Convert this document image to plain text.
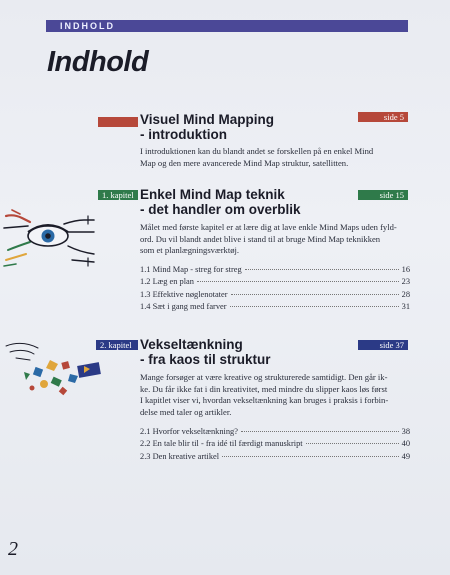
INDHOLD
Indhold
side 5
Visuel Mind Mapping
- introduktion
I introduktionen kan du blandt andet se forskellen på en enkel Mind
Map og den mere avancerede Mind Map struktur, satellitten.
1. kapitel	side 15
Enkel Mind Map teknik
- det handler om overblik
Målet med første kapitel er at lære dig at lave enkle Mind Maps uden fyld-
ord. Du vil blandt andet blive i stand til at bruge Mind Map teknikken
som et planlægningsværktøj.
1.1 Mind Map - streg for streg	16
1.2 Læg en plan	23
1.3 Effektive nøglenotater	28
1.4 Sæt i gang med farver	31
2. kapitel	side 37
Vekseltænkning
- fra kaos til struktur
Mange forsøger at være kreative og strukturerede samtidigt. Den går ik-
ke. Du får ikke fat i din kreativitet, med mindre du slipper kaos løs først
I kapitlet viser vi, hvordan vekseltænkning kan bruges i praksis i forbin-
delse med taler og artikler.
2.1 Hvorfor vekseltænkning?	38
2.2 En tale blir til - fra idé til færdigt manuskript	40
2.3 Den kreative artikel	49
2
